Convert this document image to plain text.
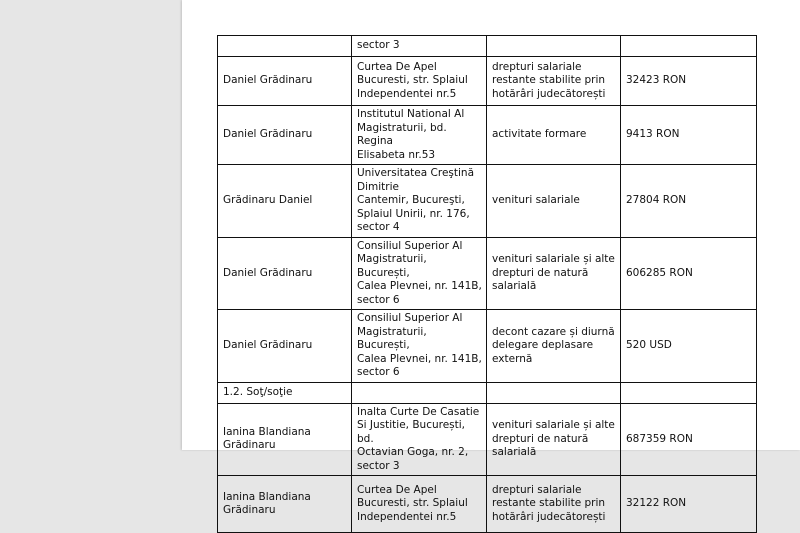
	sector 3		
Daniel Grădinaru	Curtea De Apel
Bucuresti, str. Splaiul
Independentei nr.5	drepturi salariale
restante stabilite prin
hotărâri judecătorești	32423 RON
Daniel Grădinaru	Institutul National Al
Magistraturii, bd. Regina
Elisabeta nr.53	activitate formare	9413 RON
Grădinaru Daniel	Universitatea Creştină
Dimitrie
Cantemir, Bucureşti,
Splaiul Unirii, nr. 176,
sector 4	venituri salariale	27804 RON
Daniel Grădinaru	Consiliul Superior Al
Magistraturii, București,
Calea Plevnei, nr. 141B,
sector 6	venituri salariale și alte
drepturi de natură
salarială	606285 RON
Daniel Grădinaru	Consiliul Superior Al
Magistraturii, București,
Calea Plevnei, nr. 141B,
sector 6	decont cazare și diurnă
delegare deplasare
externă	520 USD
1.2. Soţ/soţie			
Ianina Blandiana
Grădinaru	Inalta Curte De Casatie
Si Justitie, București, bd.
Octavian Goga, nr. 2,
sector 3	venituri salariale și alte
drepturi de natură
salarială	687359 RON
Ianina Blandiana
Grădinaru	Curtea De Apel
Bucuresti, str. Splaiul
Independentei nr.5	drepturi salariale
restante stabilite prin
hotărâri judecătorești	32122 RON
